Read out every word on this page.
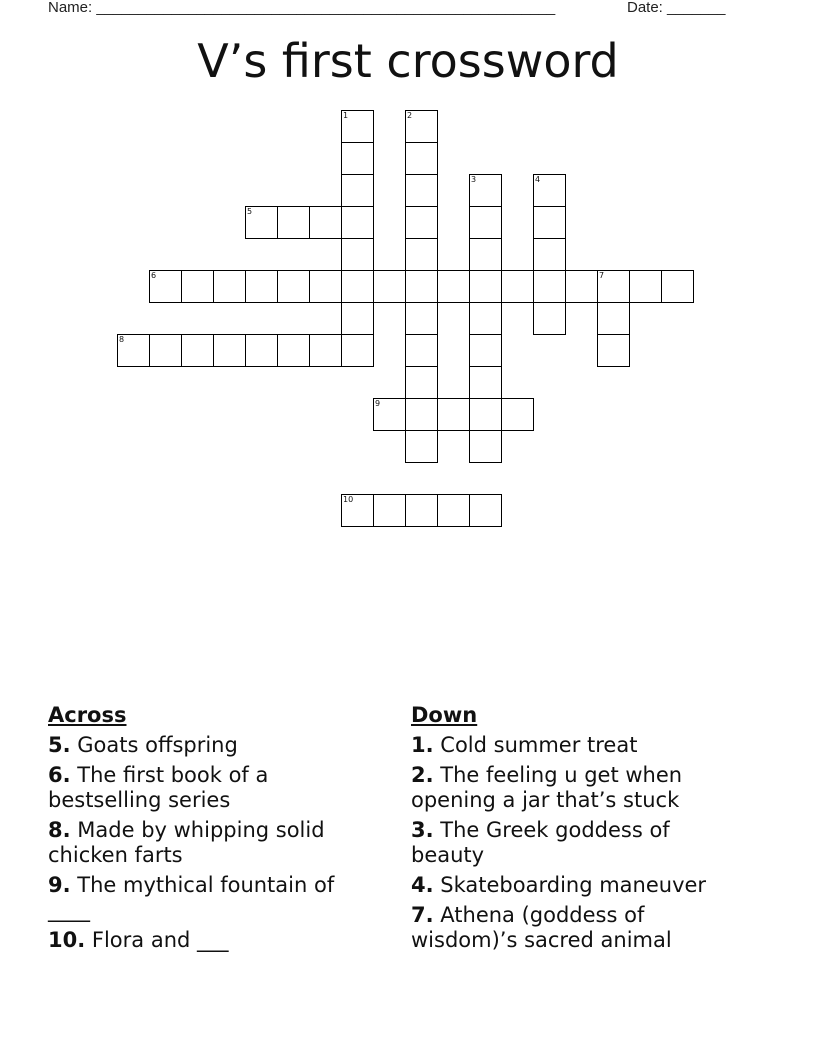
Name: _______________________________________________________	Date: _______
V’s first crossword
1	2
3	4
5
6	7
8
9
10
Across
5. Goats offspring
6. The first book of a bestselling series
8. Made by whipping solid chicken farts
9. The mythical fountain of ____
10. Flora and ___
Down
1. Cold summer treat
2. The feeling u get when opening a jar that’s stuck
3. The Greek goddess of beauty
4. Skateboarding maneuver
7. Athena (goddess of wisdom)’s sacred animal
